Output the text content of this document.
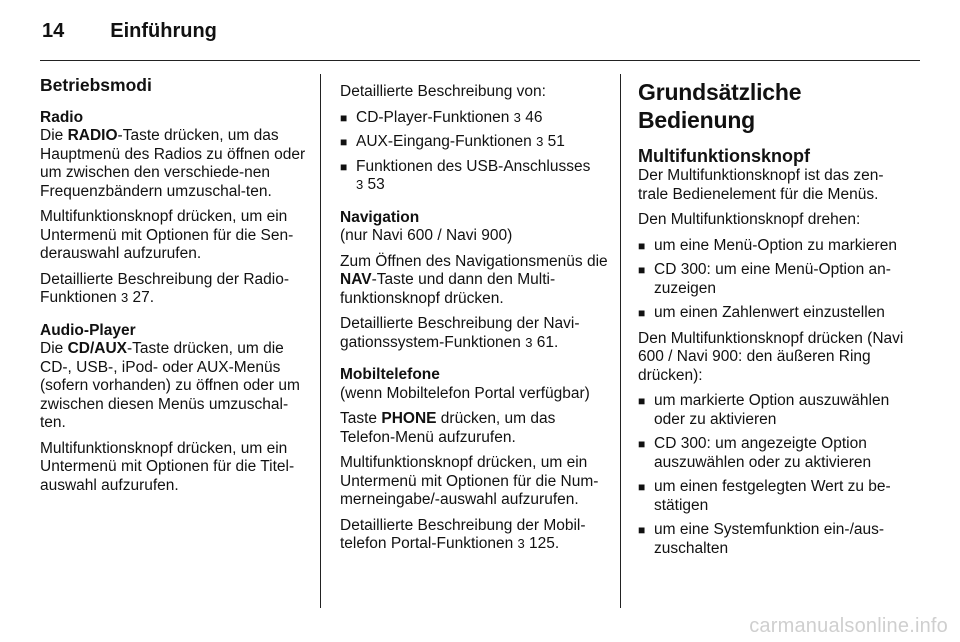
14 Einführung
Betriebsmodi
Radio

Die RADIO-Taste drücken, um das Hauptmenü des Radios zu öffnen oder um zwischen den verschiede-nen Frequenzbändern umzuschal-ten.

Multifunktionsknopf drücken, um ein Untermenü mit Optionen für die Sen-derauswahl aufzurufen.

Detaillierte Beschreibung der Radio-Funktionen 3 27.

Audio-Player

Die CD/AUX-Taste drücken, um die CD-, USB-, iPod- oder AUX-Menüs (sofern vorhanden) zu öffnen oder um zwischen diesen Menüs umzuschal-ten.

Multifunktionsknopf drücken, um ein Untermenü mit Optionen für die Titel-auswahl aufzurufen.

Detaillierte Beschreibung von:

■ CD-Player-Funktionen 3 46
■ AUX-Eingang-Funktionen 3 51
■ Funktionen des USB-Anschlusses
3 53
Navigation

(nur Navi 600 / Navi 900)

Zum Öffnen des Navigationsmenüs die NAV-Taste und dann den Multi-funktionsknopf drücken.

Detaillierte Beschreibung der Navi-gationssystem-Funktionen 3 61.

Mobiltelefone

(wenn Mobiltelefon Portal verfügbar)

Taste PHONE drücken, um das Telefon-Menü aufzurufen.

Multifunktionsknopf drücken, um ein Untermenü mit Optionen für die Num-merneingabe/-auswahl aufzurufen.

Detaillierte Beschreibung der Mobil-telefon Portal-Funktionen 3 125.

Grundsätzliche Bedienung
Multifunktionsknopf

Der Multifunktionsknopf ist das zen-trale Bedienelement für die Menüs.

Den Multifunktionsknopf drehen:

■ um eine Menü-Option zu markieren
■ CD 300: um eine Menü-Option an-zuzeigen
■ um einen Zahlenwert einzustellen

Den Multifunktionsknopf drücken (Navi 600 / Navi 900: den äußeren Ring drücken):

■ um markierte Option auszuwählen oder zu aktivieren
■ CD 300: um angezeigte Option auszuwählen oder zu aktivieren
■ um einen festgelegten Wert zu be-stätigen
■ um eine Systemfunktion ein-/aus-zuschalten
carmanualsonline.info
